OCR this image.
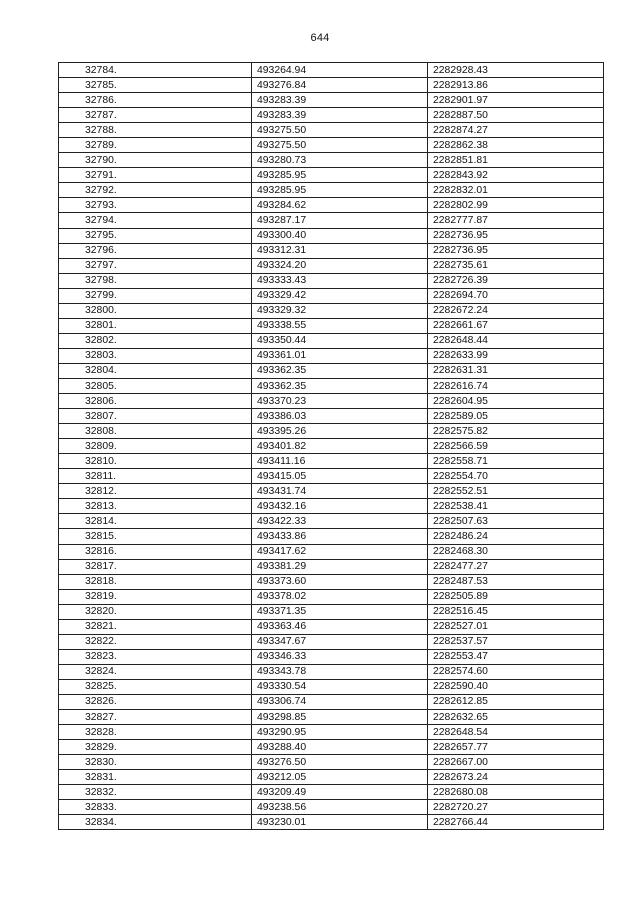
644
32784.	493264.94	2282928.43
32785.	493276.84	2282913.86
32786.	493283.39	2282901.97
32787.	493283.39	2282887.50
32788.	493275.50	2282874.27
32789.	493275.50	2282862.38
32790.	493280.73	2282851.81
32791.	493285.95	2282843.92
32792.	493285.95	2282832.01
32793.	493284.62	2282802.99
32794.	493287.17	2282777.87
32795.	493300.40	2282736.95
32796.	493312.31	2282736.95
32797.	493324.20	2282735.61
32798.	493333.43	2282726.39
32799.	493329.42	2282694.70
32800.	493329.32	2282672.24
32801.	493338.55	2282661.67
32802.	493350.44	2282648.44
32803.	493361.01	2282633.99
32804.	493362.35	2282631.31
32805.	493362.35	2282616.74
32806.	493370.23	2282604.95
32807.	493386.03	2282589.05
32808.	493395.26	2282575.82
32809.	493401.82	2282566.59
32810.	493411.16	2282558.71
32811.	493415.05	2282554.70
32812.	493431.74	2282552.51
32813.	493432.16	2282538.41
32814.	493422.33	2282507.63
32815.	493433.86	2282486.24
32816.	493417.62	2282468.30
32817.	493381.29	2282477.27
32818.	493373.60	2282487.53
32819.	493378.02	2282505.89
32820.	493371.35	2282516.45
32821.	493363.46	2282527.01
32822.	493347.67	2282537.57
32823.	493346.33	2282553.47
32824.	493343.78	2282574.60
32825.	493330.54	2282590.40
32826.	493306.74	2282612.85
32827.	493298.85	2282632.65
32828.	493290.95	2282648.54
32829.	493288.40	2282657.77
32830.	493276.50	2282667.00
32831.	493212.05	2282673.24
32832.	493209.49	2282680.08
32833.	493238.56	2282720.27
32834.	493230.01	2282766.44
